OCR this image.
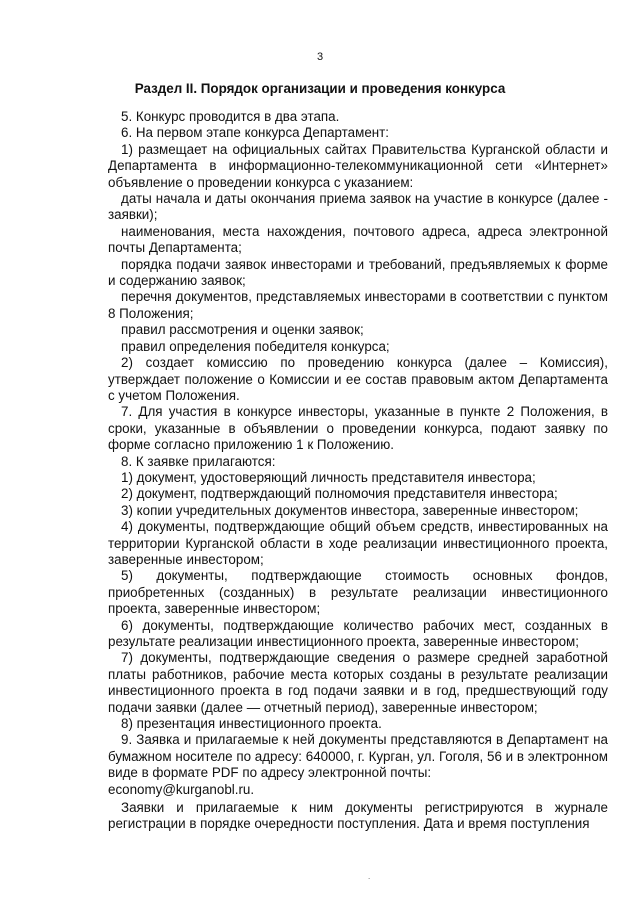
3
Раздел II. Порядок организации и проведения конкурса

5. Конкурс проводится в два этапа.

6. На первом этапе конкурса Департамент:

1) размещает на официальных сайтах Правительства Курганской области и Департамента в информационно-телекоммуникационной сети «Интернет» объявление о проведении конкурса с указанием:

даты начала и даты окончания приема заявок на участие в конкурсе (далее - заявки);

наименования, места нахождения, почтового адреса, адреса электронной почты Департамента;

порядка подачи заявок инвесторами и требований, предъявляемых к форме и содержанию заявок;

перечня документов, представляемых инвесторами в соответствии с пунктом 8 Положения;

правил рассмотрения и оценки заявок;

правил определения победителя конкурса;

2) создает комиссию по проведению конкурса (далее – Комиссия), утверждает положение о Комиссии и ее состав правовым актом Департамента с учетом Положения.

7. Для участия в конкурсе инвесторы, указанные в пункте 2 Положения, в сроки, указанные в объявлении о проведении конкурса, подают заявку по форме согласно приложению 1 к Положению.

8. К заявке прилагаются:

1) документ, удостоверяющий личность представителя инвестора;

2) документ, подтверждающий полномочия представителя инвестора;

3) копии учредительных документов инвестора, заверенные инвестором;

4) документы, подтверждающие общий объем средств, инвестированных на территории Курганской области в ходе реализации инвестиционного проекта, заверенные инвестором;

5) документы, подтверждающие стоимость основных фондов, приобретенных (созданных) в результате реализации инвестиционного проекта, заверенные инвестором;

6) документы, подтверждающие количество рабочих мест, созданных в результате реализации инвестиционного проекта, заверенные инвестором;

7) документы, подтверждающие сведения о размере средней заработной платы работников, рабочие места которых созданы в результате реализации инвестиционного проекта в год подачи заявки и в год, предшествующий году подачи заявки (далее — отчетный период), заверенные инвестором;

8) презентация инвестиционного проекта.

9. Заявка и прилагаемые к ней документы представляются в Департамент на бумажном носителе по адресу: 640000, г. Курган, ул. Гоголя, 56 и в электронном виде в формате PDF по адресу электронной почты:

economy@kurganobl.ru.

Заявки и прилагаемые к ним документы регистрируются в журнале регистрации в порядке очередности поступления. Дата и время поступления

.
